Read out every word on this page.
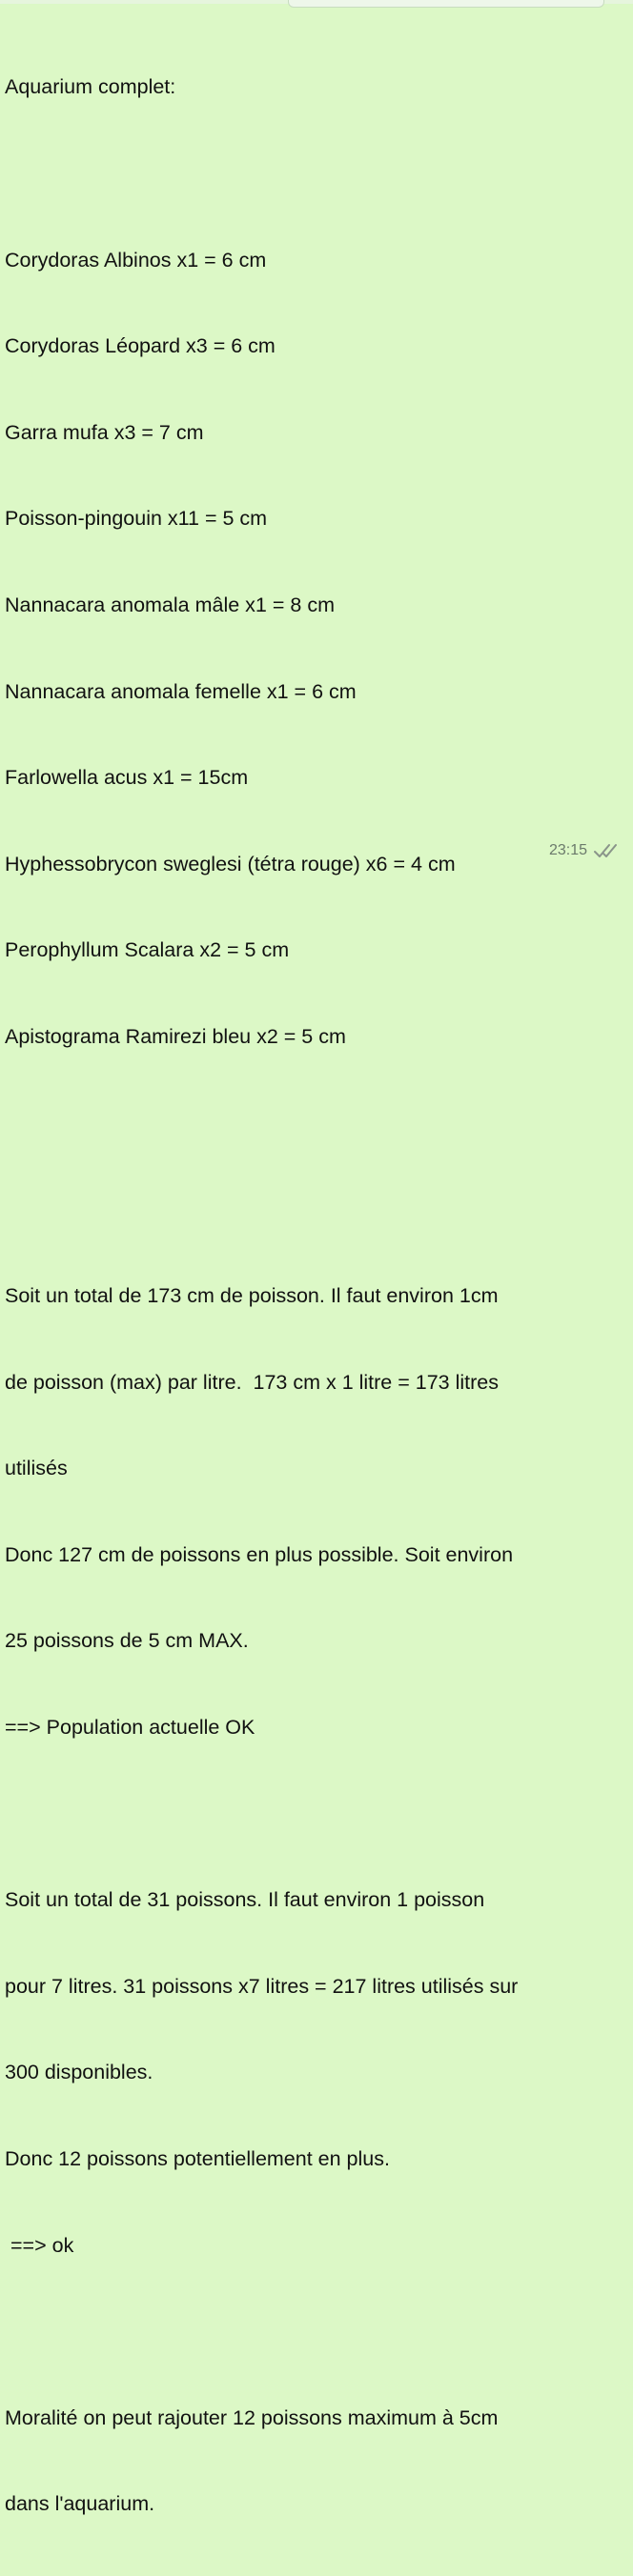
Aquarium complet:

Corydoras Albinos x1 = 6 cm

Corydoras Léopard x3 = 6 cm

Garra mufa x3 = 7 cm

Poisson-pingouin x11 = 5 cm

Nannacara anomala mâle x1 = 8 cm

Nannacara anomala femelle x1 = 6 cm

Farlowella acus x1 = 15cm

Hyphessobrycon sweglesi (tétra rouge) x6 = 4 cm

Perophyllum Scalara x2 = 5 cm

Apistograma Ramirezi bleu x2 = 5 cm

Soit un total de 173 cm de poisson. Il faut environ 1cm

de poisson (max) par litre.  173 cm x 1 litre = 173 litres

utilisés

Donc 127 cm de poissons en plus possible. Soit environ

25 poissons de 5 cm MAX.

==> Population actuelle OK

Soit un total de 31 poissons. Il faut environ 1 poisson

pour 7 litres. 31 poissons x7 litres = 217 litres utilisés sur

300 disponibles.

Donc 12 poissons potentiellement en plus.

==> ok

Moralité on peut rajouter 12 poissons maximum à 5cm

dans l'aquarium.

23:15
